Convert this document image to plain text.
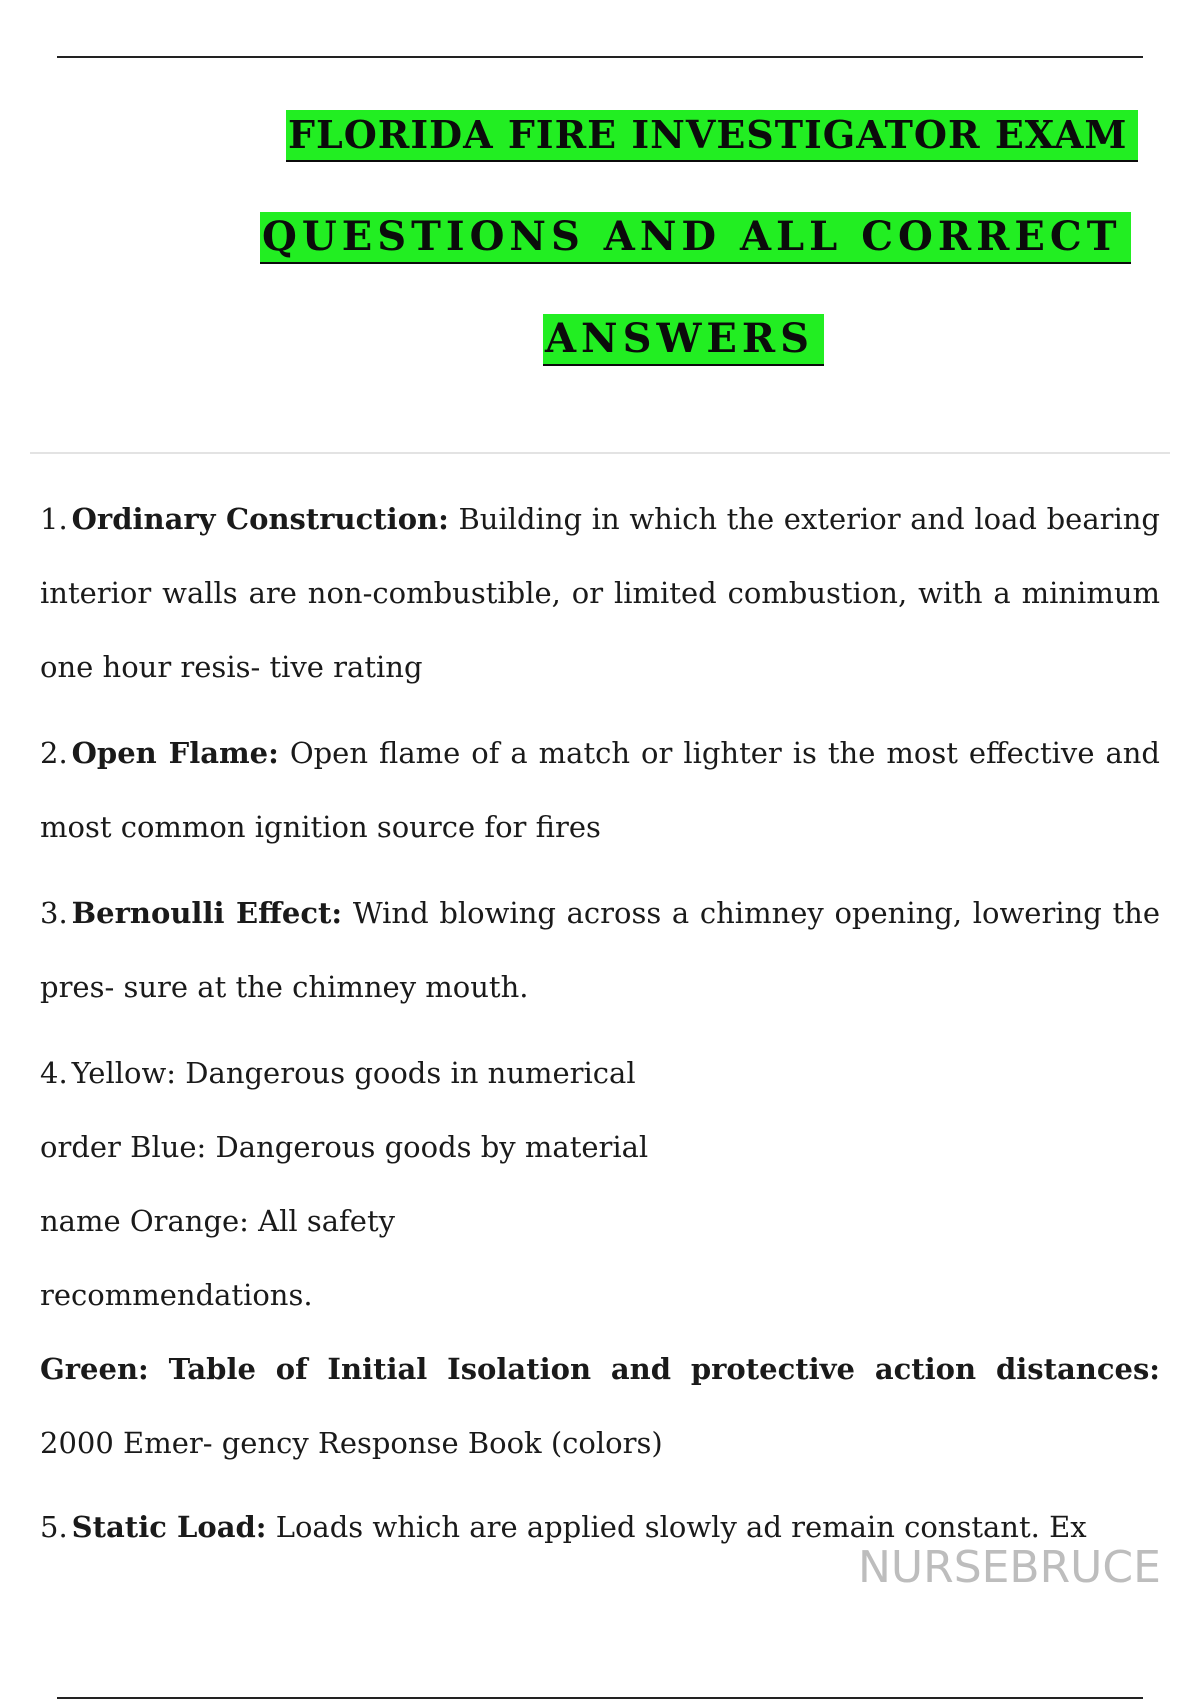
FLORIDA FIRE INVESTIGATOR EXAM
QUESTIONS AND ALL CORRECT
ANSWERS
1. Ordinary Construction: Building in which the exterior and load bearing interior walls are non-combustible, or limited combustion, with a minimum one hour resis- tive rating
2. Open Flame: Open flame of a match or lighter is the most effective and most common ignition source for fires
3. Bernoulli Effect: Wind blowing across a chimney opening, lowering the pres- sure at the chimney mouth.
4. Yellow: Dangerous goods in numerical
order Blue: Dangerous goods by material
name Orange: All safety
recommendations.
Green: Table of Initial Isolation and protective action distances: 2000 Emer- gency Response Book (colors)
5. Static Load: Loads which are applied slowly ad remain constant. Ex
NURSEBRUCE
